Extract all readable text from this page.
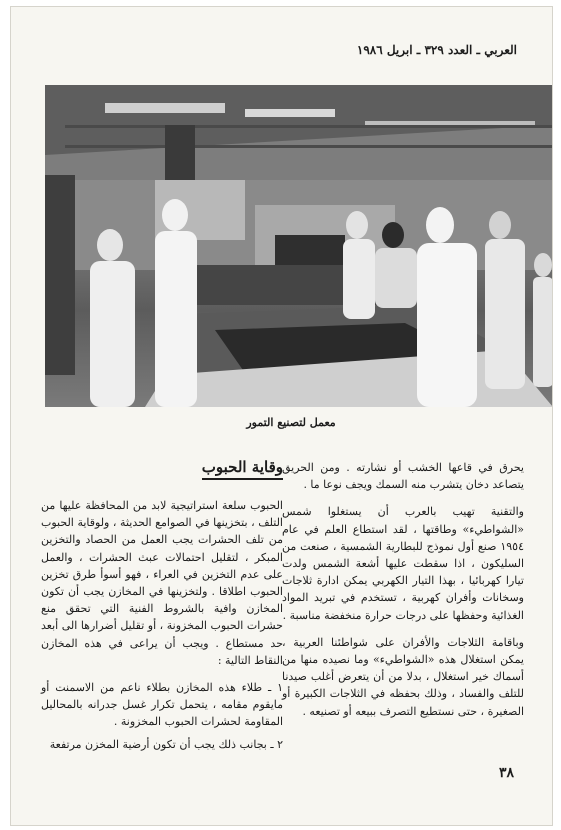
العربي ـ العدد ٣٢٩ ـ ابريل ١٩٨٦
معمل لتصنيع التمور

يحرق في قاعها الخشب أو نشارته . ومن الحريق يتصاعد دخان يتشرب منه السمك ويجف نوعا ما .

والتقنية تهيب بالعرب أن يستغلوا شمس «الشواطيء» وطاقتها ، لقد استطاع العلم في عام ١٩٥٤ صنع أول نموذج للبطارية الشمسية ، صنعت من السليكون ، اذا سقطت عليها أشعة الشمس ولدت تيارا كهربائيا ، بهذا التيار الكهربي يمكن ادارة ثلاجات وسخانات وأفران كهربية ، تستخدم في تبريد المواد الغذائية وحفظها على درجات حرارة منخفضة مناسبة .

وباقامة الثلاجات والأفران على شواطئنا العربية ، يمكن استغلال هذه «الشواطيء» وما نصيده منها من أسماك خير استغلال ، بدلا من أن يتعرض أغلب صيدنا للتلف والفساد ، وذلك بحفظه في الثلاجات الكبيرة أو الصغيرة ، حتى نستطيع التصرف ببيعه أو تصنيعه .

وقاية الحبوب

الحبوب سلعة استراتيجية لابد من المحافظة عليها من التلف ، بتخزينها في الصوامع الحديثة ، ولوقاية الحبوب من تلف الحشرات يجب العمل من الحصاد والتخزين المبكر ، لتقليل احتمالات عبث الحشرات ، والعمل على عدم التخزين في العراء ، فهو أسوأ طرق تخزين الحبوب اطلاقا . ولتخزينها في المخازن يجب أن تكون المخازن وافية بالشروط الفنية التي تحقق منع حشرات الحبوب المخزونة ، أو تقليل أضرارها الى أبعد حد مستطاع . ويجب أن يراعى في هذه المخازن النقاط التالية :

١ ـ طلاء هذه المخازن بطلاء ناعم من الاسمنت أو مايقوم مقامه ، يتحمل تكرار غسل جدرانه بالمحاليل المقاومة لحشرات الحبوب المخزونة .

٢ ـ بجانب ذلك يجب أن تكون أرضية المخزن مرتفعة

٣٨
